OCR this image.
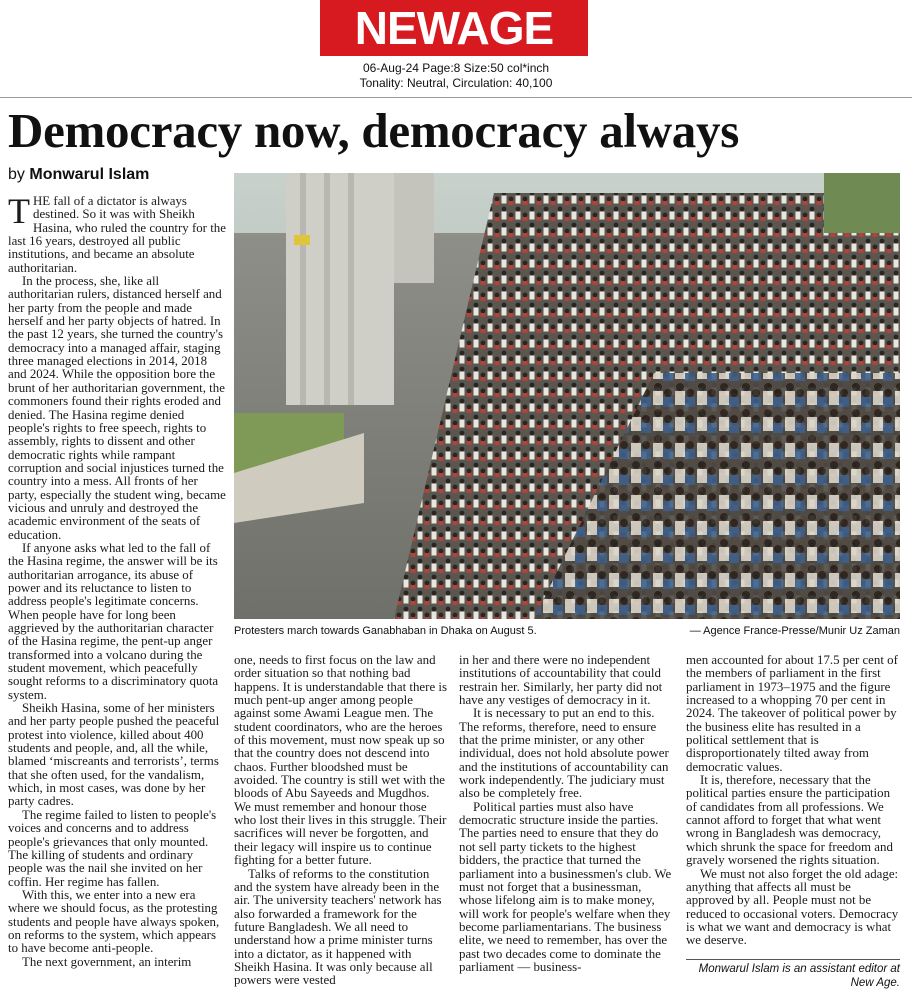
NEWAGE
06-Aug-24 Page:8 Size:50 col*inch
Tonality: Neutral, Circulation: 40,100
Democracy now, democracy always
by Monwarul Islam
Protesters march towards Ganabhaban in Dhaka on August 5.	— Agence France-Presse/Munir Uz Zaman

THE fall of a dictator is always destined. So it was with Sheikh Hasina, who ruled the country for the last 16 years, destroyed all public institutions, and became an absolute authoritarian.

In the process, she, like all authoritarian rulers, distanced herself and her party from the people and made herself and her party objects of hatred. In the past 12 years, she turned the country's democracy into a managed affair, staging three managed elections in 2014, 2018 and 2024. While the opposition bore the brunt of her authoritarian government, the commoners found their rights eroded and denied. The Hasina regime denied people's rights to free speech, rights to assembly, rights to dissent and other democratic rights while rampant corruption and social injustices turned the country into a mess. All fronts of her party, especially the student wing, became vicious and unruly and destroyed the academic environment of the seats of education.

If anyone asks what led to the fall of the Hasina regime, the answer will be its authoritarian arrogance, its abuse of power and its reluctance to listen to address people's legitimate concerns. When people have for long been aggrieved by the authoritarian character of the Hasina regime, the pent-up anger transformed into a volcano during the student movement, which peacefully sought reforms to a discriminatory quota system.

Sheikh Hasina, some of her ministers and her party people pushed the peaceful protest into violence, killed about 400 students and people, and, all the while, blamed ‘miscreants and terrorists’, terms that she often used, for the vandalism, which, in most cases, was done by her party cadres.

The regime failed to listen to people's voices and concerns and to address people's grievances that only mounted. The killing of students and ordinary people was the nail she invited on her coffin. Her regime has fallen.

With this, we enter into a new era where we should focus, as the protesting students and people have always spoken, on reforms to the system, which appears to have become anti-people.

The next government, an interim

one, needs to first focus on the law and order situation so that nothing bad happens. It is understandable that there is much pent-up anger among people against some Awami League men. The student coordinators, who are the heroes of this movement, must now speak up so that the country does not descend into chaos. Further bloodshed must be avoided. The country is still wet with the bloods of Abu Sayeeds and Mugdhos. We must remember and honour those who lost their lives in this struggle. Their sacrifices will never be forgotten, and their legacy will inspire us to continue fighting for a better future.

Talks of reforms to the constitution and the system have already been in the air. The university teachers' network has also forwarded a framework for the future Bangladesh. We all need to understand how a prime minister turns into a dictator, as it happened with Sheikh Hasina. It was only because all powers were vested

in her and there were no independent institutions of accountability that could restrain her. Similarly, her party did not have any vestiges of democracy in it.

It is necessary to put an end to this. The reforms, therefore, need to ensure that the prime minister, or any other individual, does not hold absolute power and the institutions of accountability can work independently. The judiciary must also be completely free.

Political parties must also have democratic structure inside the parties. The parties need to ensure that they do not sell party tickets to the highest bidders, the practice that turned the parliament into a businessmen's club. We must not forget that a businessman, whose lifelong aim is to make money, will work for people's welfare when they become parliamentarians. The business elite, we need to remember, has over the past two decades come to dominate the parliament — business-

men accounted for about 17.5 per cent of the members of parliament in the first parliament in 1973–1975 and the figure increased to a whopping 70 per cent in 2024. The takeover of political power by the business elite has resulted in a political settlement that is disproportionately tilted away from democratic values.

It is, therefore, necessary that the political parties ensure the participation of candidates from all professions. We cannot afford to forget that what went wrong in Bangladesh was democracy, which shrunk the space for freedom and gravely worsened the rights situation.

We must not also forget the old adage: anything that affects all must be approved by all. People must not be reduced to occasional voters. Democracy is what we want and democracy is what we deserve.

Monwarul Islam is an assistant editor at New Age.
